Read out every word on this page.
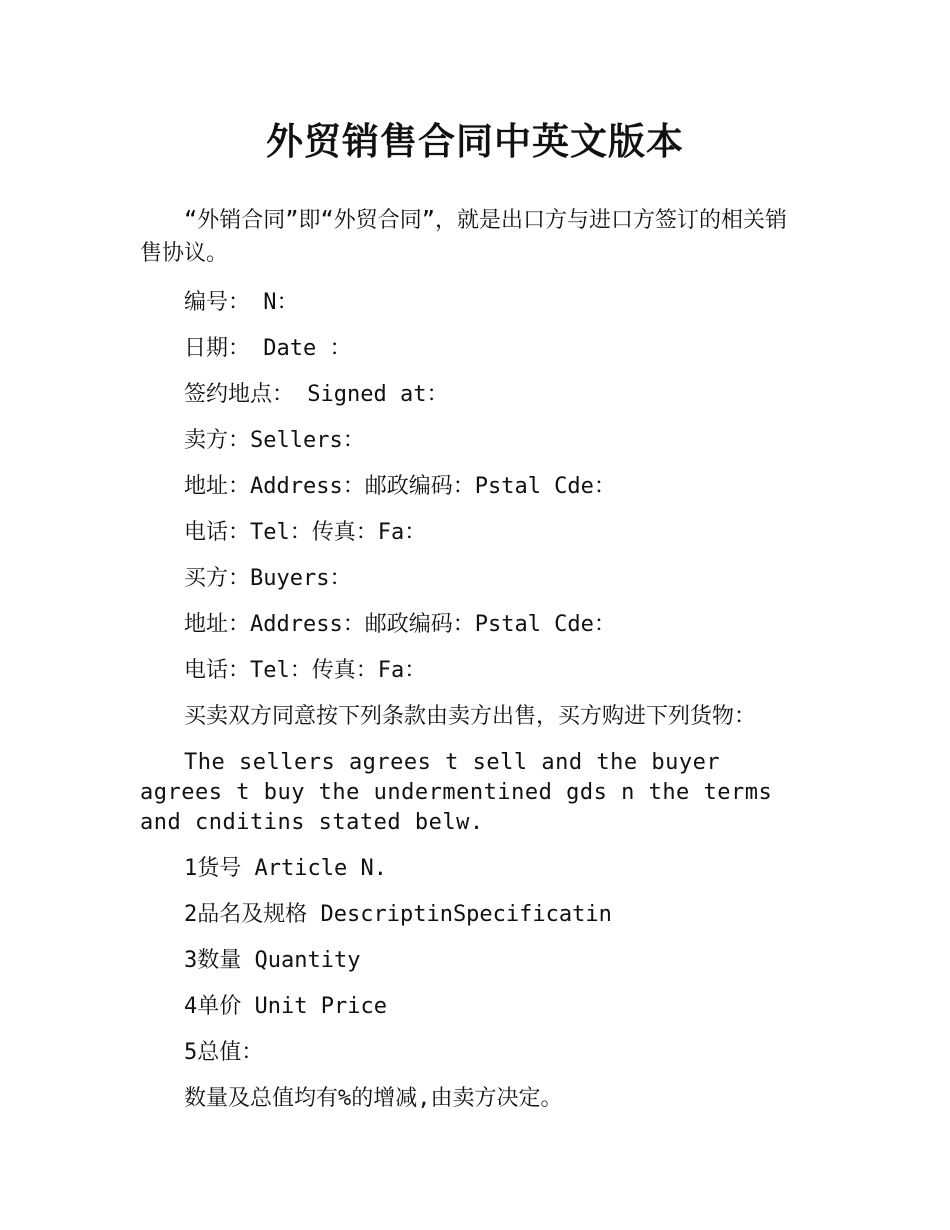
外贸销售合同中英文版本

“外销合同”即“外贸合同”，就是出口方与进口方签订的相关销售协议。

编号： N：

日期： Date ：

签约地点： Signed at：

卖方：Sellers：

地址：Address：邮政编码：Pstal Cde：

电话：Tel：传真：Fa：

买方：Buyers：

地址：Address：邮政编码：Pstal Cde：

电话：Tel：传真：Fa：

买卖双方同意按下列条款由卖方出售，买方购进下列货物：

The sellers agrees t sell and the buyer agrees t buy the undermentined gds n the terms and cnditins stated belw.

1货号 Article N.

2品名及规格 DescriptinSpecificatin

3数量 Quantity

4单价 Unit Price

5总值：

数量及总值均有%的增减,由卖方决定。
